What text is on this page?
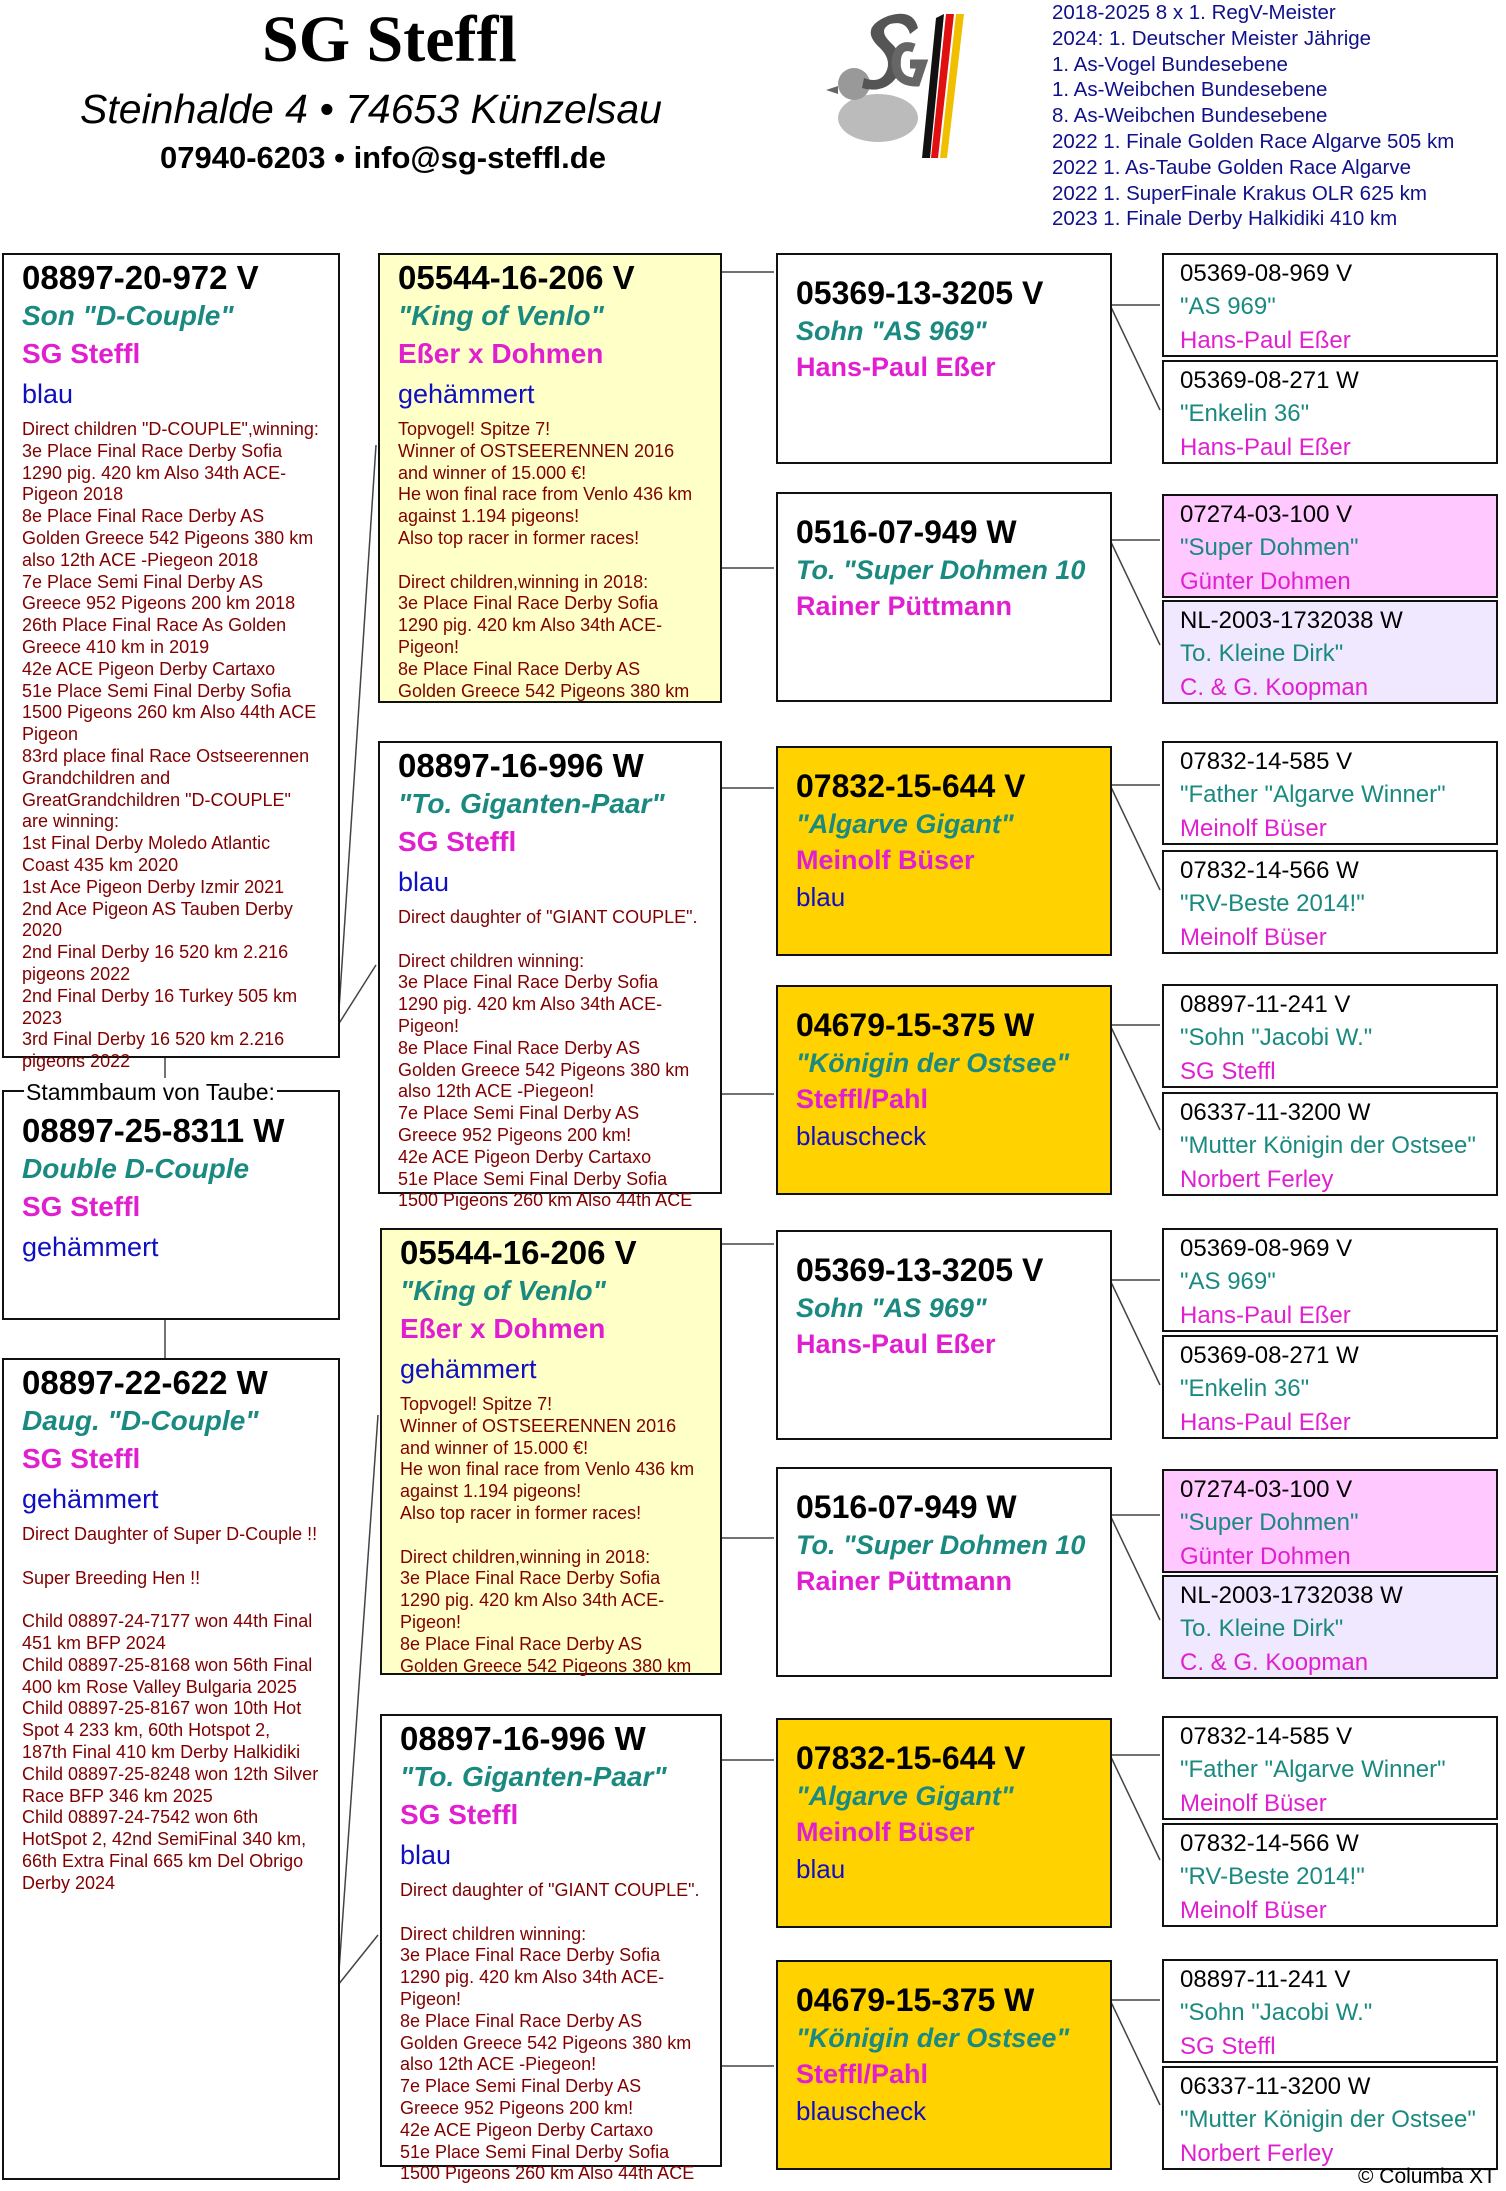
SG Steffl
Steinhalde 4 • 74653 Künzelsau
07940-6203 • info@sg-steffl.de
2018-2025 8 x 1. RegV-Meister
2024: 1. Deutscher Meister Jährige
1. As-Vogel Bundesebene
1. As-Weibchen Bundesebene
8. As-Weibchen Bundesebene
2022 1. Finale Golden Race Algarve 505 km
2022 1. As-Taube Golden Race Algarve
2022 1. SuperFinale Krakus OLR 625 km
2023 1. Finale Derby Halkidiki 410 km
08897-20-972 V
Son "D-Couple"
SG Steffl
blau
Direct children "D-COUPLE",winning:
3e Place Final Race Derby Sofia
1290 pig. 420 km Also 34th ACE-
Pigeon 2018
8e Place Final Race Derby AS
Golden Greece 542 Pigeons 380 km
also 12th ACE -Piegeon 2018
7e Place Semi Final Derby AS
Greece 952 Pigeons 200 km 2018
26th Place Final Race As Golden
Greece 410 km in 2019
42e ACE Pigeon Derby Cartaxo
51e Place Semi Final Derby Sofia
1500 Pigeons 260 km Also 44th ACE
Pigeon
83rd place final Race Ostseerennen
Grandchildren and
GreatGrandchildren "D-COUPLE"
are winning:
1st Final Derby Moledo Atlantic
Coast 435 km 2020
1st Ace Pigeon Derby Izmir 2021
2nd Ace Pigeon AS Tauben Derby
2020
2nd Final Derby 16 520 km 2.216
pigeons 2022
2nd Final Derby 16 Turkey 505 km
2023
3rd Final Derby 16 520 km 2.216
pigeons 2022
Stammbaum von Taube:
08897-25-8311 W
Double D-Couple
SG Steffl
gehämmert
08897-22-622 W
Daug. "D-Couple"
SG Steffl
gehämmert
Direct Daughter of Super D-Couple !!

Super Breeding Hen !!

Child 08897-24-7177 won 44th Final
451 km BFP 2024
Child 08897-25-8168 won 56th Final
400 km Rose Valley Bulgaria 2025
Child 08897-25-8167 won 10th Hot
Spot 4 233 km, 60th Hotspot 2,
187th Final 410 km Derby Halkidiki
Child 08897-25-8248 won 12th Silver
Race BFP 346 km 2025
Child 08897-24-7542 won 6th
HotSpot 2, 42nd SemiFinal 340 km,
66th Extra Final 665 km Del Obrigo
Derby 2024
05544-16-206 V
"King of Venlo"
Eßer x Dohmen
gehämmert
Topvogel! Spitze 7!
Winner of OSTSEERENNEN 2016
and winner of 15.000 €!
He won final race from Venlo 436 km
against 1.194 pigeons!
Also top racer in former races!

Direct children,winning in 2018:
3e Place Final Race Derby Sofia
1290 pig. 420 km Also 34th ACE-
Pigeon!
8e Place Final Race Derby AS
Golden Greece 542 Pigeons 380 km
08897-16-996 W
"To. Giganten-Paar"
SG Steffl
blau
Direct daughter of "GIANT COUPLE".

Direct children winning:
3e Place Final Race Derby Sofia
1290 pig. 420 km Also 34th ACE-
Pigeon!
8e Place Final Race Derby AS
Golden Greece 542 Pigeons 380 km
also 12th ACE -Piegeon!
7e Place Semi Final Derby AS
Greece 952 Pigeons 200 km!
42e ACE Pigeon Derby Cartaxo
51e Place Semi Final Derby Sofia
1500 Pigeons 260 km Also 44th ACE
05544-16-206 V
"King of Venlo"
Eßer x Dohmen
gehämmert
Topvogel! Spitze 7!
Winner of OSTSEERENNEN 2016
and winner of 15.000 €!
He won final race from Venlo 436 km
against 1.194 pigeons!
Also top racer in former races!

Direct children,winning in 2018:
3e Place Final Race Derby Sofia
1290 pig. 420 km Also 34th ACE-
Pigeon!
8e Place Final Race Derby AS
Golden Greece 542 Pigeons 380 km
08897-16-996 W
"To. Giganten-Paar"
SG Steffl
blau
Direct daughter of "GIANT COUPLE".

Direct children winning:
3e Place Final Race Derby Sofia
1290 pig. 420 km Also 34th ACE-
Pigeon!
8e Place Final Race Derby AS
Golden Greece 542 Pigeons 380 km
also 12th ACE -Piegeon!
7e Place Semi Final Derby AS
Greece 952 Pigeons 200 km!
42e ACE Pigeon Derby Cartaxo
51e Place Semi Final Derby Sofia
1500 Pigeons 260 km Also 44th ACE
05369-13-3205 V
Sohn "AS 969"
Hans-Paul Eßer
0516-07-949 W
To. "Super Dohmen 10
Rainer Püttmann
07832-15-644 V
"Algarve Gigant"
Meinolf Büser
blau
04679-15-375 W
"Königin der Ostsee"
Steffl/Pahl
blauscheck
05369-13-3205 V
Sohn "AS 969"
Hans-Paul Eßer
0516-07-949 W
To. "Super Dohmen 10
Rainer Püttmann
07832-15-644 V
"Algarve Gigant"
Meinolf Büser
blau
04679-15-375 W
"Königin der Ostsee"
Steffl/Pahl
blauscheck
05369-08-969 V
"AS 969"
Hans-Paul Eßer
05369-08-271 W
"Enkelin 36"
Hans-Paul Eßer
07274-03-100 V
"Super Dohmen"
Günter Dohmen
NL-2003-1732038 W
To. Kleine Dirk"
C. & G. Koopman
07832-14-585 V
"Father "Algarve Winner"
Meinolf Büser
07832-14-566 W
"RV-Beste 2014!"
Meinolf Büser
08897-11-241 V
"Sohn "Jacobi W."
SG Steffl
06337-11-3200 W
"Mutter Königin der Ostsee"
Norbert Ferley
05369-08-969 V
"AS 969"
Hans-Paul Eßer
05369-08-271 W
"Enkelin 36"
Hans-Paul Eßer
07274-03-100 V
"Super Dohmen"
Günter Dohmen
NL-2003-1732038 W
To. Kleine Dirk"
C. & G. Koopman
07832-14-585 V
"Father "Algarve Winner"
Meinolf Büser
07832-14-566 W
"RV-Beste 2014!"
Meinolf Büser
08897-11-241 V
"Sohn "Jacobi W."
SG Steffl
06337-11-3200 W
"Mutter Königin der Ostsee"
Norbert Ferley
© Columba XT
